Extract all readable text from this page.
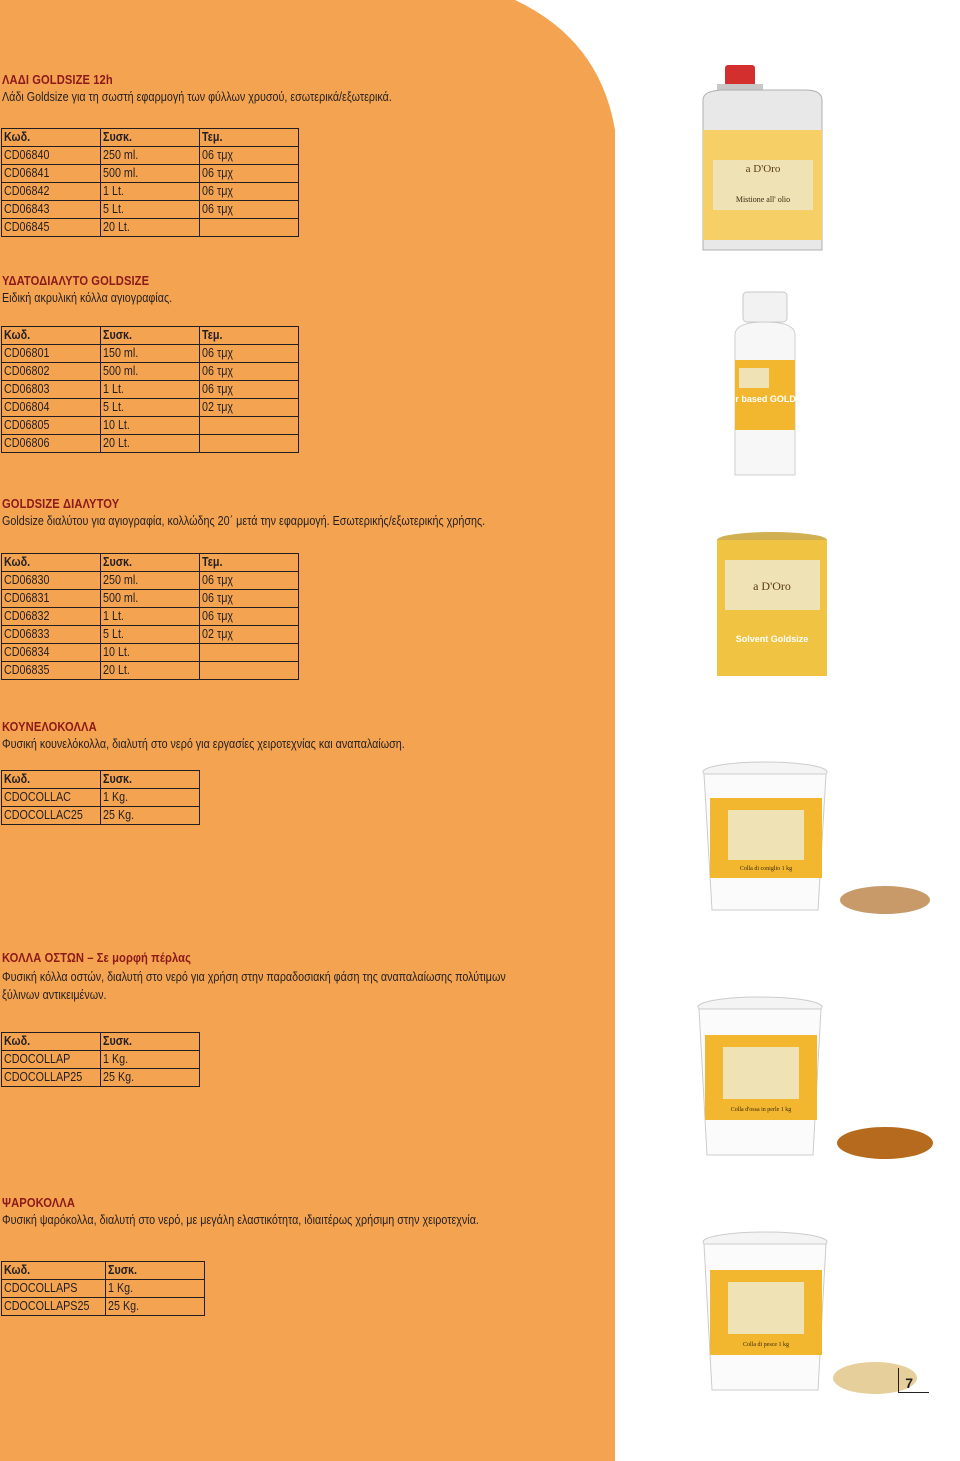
ΛΑΔΙ GOLDSIZE 12h
Λάδι Goldsize για τη σωστή εφαρμογή των φύλλων χρυσού, εσωτερικά/εξωτερικά.
Κωδ.	Συσκ.	Τεμ.
CD06840	250 ml.	06 τμχ
CD06841	500 ml.	06 τμχ
CD06842	1 Lt.	06 τμχ
CD06843	5 Lt.	06 τμχ
CD06845	20 Lt.	
ΥΔΑΤΟΔΙΑΛΥΤΟ GOLDSIZE
Ειδική ακρυλική κόλλα αγιογραφίας.
Κωδ.	Συσκ.	Τεμ.
CD06801	150 ml.	06 τμχ
CD06802	500 ml.	06 τμχ
CD06803	1 Lt.	06 τμχ
CD06804	5 Lt.	02 τμχ
CD06805	10 Lt.	
CD06806	20 Lt.	
GOLDSIZE ΔΙΑΛΥΤΟΥ
Goldsize διαλύτου για αγιογραφία, κολλώδης 20΄ μετά την εφαρμογή. Εσωτερικής/εξωτερικής χρήσης.
Κωδ.	Συσκ.	Τεμ.
CD06830	250 ml.	06 τμχ
CD06831	500 ml.	06 τμχ
CD06832	1 Lt.	06 τμχ
CD06833	5 Lt.	02 τμχ
CD06834	10 Lt.	
CD06835	20 Lt.	
ΚΟΥΝΕΛΟΚΟΛΛΑ
Φυσική κουνελόκολλα, διαλυτή στο νερό για εργασίες χειροτεχνίας και αναπαλαίωση.
Κωδ.	Συσκ.
CDOCOLLAC	1 Kg.
CDOCOLLAC25	25 Kg.
ΚΟΛΛΑ ΟΣΤΩΝ – Σε μορφή πέρλας
Φυσική κόλλα οστών, διαλυτή στο νερό για χρήση στην παραδοσιακή φάση της αναπαλαίωσης πολύτιμων ξύλινων αντικειμένων.
Κωδ.	Συσκ.
CDOCOLLAP	1 Kg.
CDOCOLLAP25	25 Kg.
ΨΑΡΟΚΟΛΛΑ
Φυσική ψαρόκολλα, διαλυτή στο νερό, με μεγάλη ελαστικότητα, ιδιαιτέρως χρήσιμη στην χειροτεχνία.
Κωδ.	Συσκ.
CDOCOLLAPS	1 Kg.
CDOCOLLAPS25	25 Kg.
a D'Oro
Mistione all' olio
Water based GOLDSIZE
a D'Oro
Solvent Goldsize
Colla di coniglio 1 kg
Colla d'ossa in perle 1 kg
Colla di pesce 1 kg
7
